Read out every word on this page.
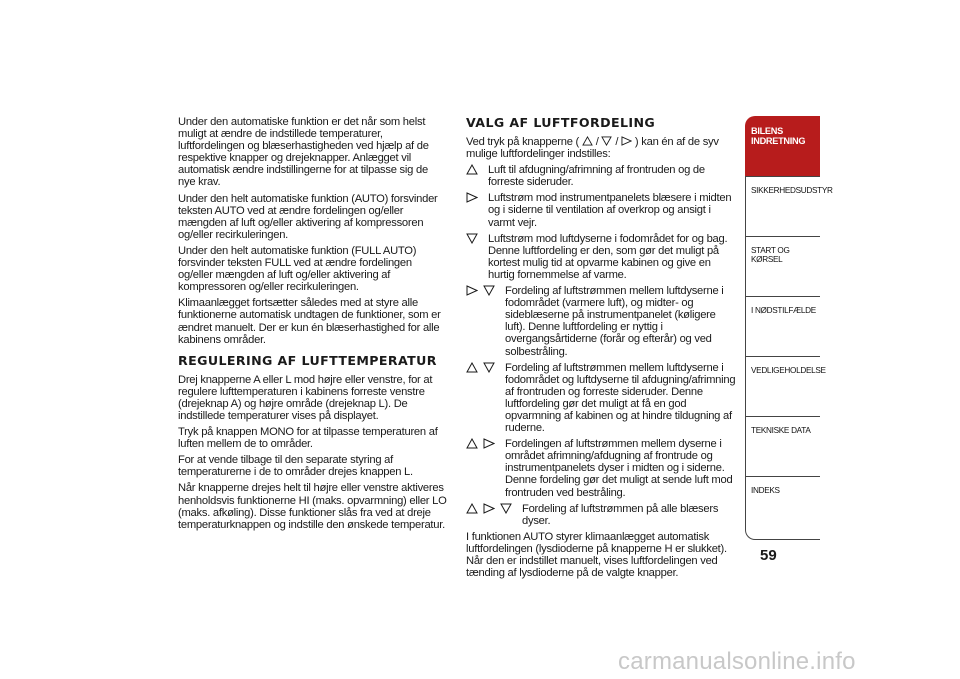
Under den automatiske funktion er det når som helst muligt at ændre de indstillede temperaturer, luftfordelingen og blæserhastigheden ved hjælp af de respektive knapper og drejeknapper. Anlægget vil automatisk ændre indstillingerne for at tilpasse sig de nye krav.

Under den helt automatiske funktion (AUTO) forsvinder teksten AUTO ved at ændre fordelingen og/eller mængden af luft og/eller aktivering af kompressoren og/eller recirkuleringen.

Under den helt automatiske funktion (FULL AUTO) forsvinder teksten FULL ved at ændre fordelingen og/eller mængden af luft og/eller aktivering af kompressoren og/eller recirkuleringen.

Klimaanlægget fortsætter således med at styre alle funktionerne automatisk undtagen de funktioner, som er ændret manuelt. Der er kun én blæserhastighed for alle kabinens områder.

REGULERING AF LUFTTEMPERATUR

Drej knapperne A eller L mod højre eller venstre, for at regulere lufttemperaturen i kabinens forreste venstre (drejeknap A) og højre område (drejeknap L). De indstillede temperaturer vises på displayet.

Tryk på knappen MONO for at tilpasse temperaturen af luften mellem de to områder.

For at vende tilbage til den separate styring af temperaturerne i de to områder drejes knappen L.

Når knapperne drejes helt til højre eller venstre aktiveres henholdsvis funktionerne HI (maks. opvarmning) eller LO (maks. afkøling). Disse funktioner slås fra ved at dreje temperaturknappen og indstille den ønskede temperatur.

VALG AF LUFTFORDELING

Ved tryk på knapperne ( / / ) kan én af de syv mulige luftfordelinger indstilles:

Luft til afdugning/afrimning af frontruden og de forreste sideruder.
Luftstrøm mod instrumentpanelets blæsere i midten og i siderne til ventilation af overkrop og ansigt i varmt vejr.
Luftstrøm mod luftdyserne i fodområdet for og bag. Denne luftfordeling er den, som gør det muligt på kortest mulig tid at opvarme kabinen og give en hurtig fornemmelse af varme.
Fordeling af luftstrømmen mellem luftdyserne i fodområdet (varmere luft), og midter- og sideblæserne på instrumentpanelet (køligere luft). Denne luftfordeling er nyttig i overgangsårtiderne (forår og efterår) og ved solbestråling.
Fordeling af luftstrømmen mellem luftdyserne i fodområdet og luftdyserne til afdugning/afrimning af frontruden og forreste sideruder. Denne luftfordeling gør det muligt at få en god opvarmning af kabinen og at hindre tildugning af ruderne.
Fordelingen af luftstrømmen mellem dyserne i området afrimning/afdugning af frontrude og instrumentpanelets dyser i midten og i siderne. Denne fordeling gør det muligt at sende luft mod frontruden ved bestråling.
Fordeling af luftstrømmen på alle blæsers dyser.

I funktionen AUTO styrer klimaanlægget automatisk luftfordelingen (lysdioderne på knapperne H er slukket). Når den er indstillet manuelt, vises luftfordelingen ved tænding af lysdioderne på de valgte knapper.

BILENS INDRETNING
SIKKERHEDSUDSTYR
START OG KØRSEL
I NØDSTILFÆLDE
VEDLIGEHOLDELSE
TEKNISKE DATA
INDEKS
59
carmanualsonline.info
